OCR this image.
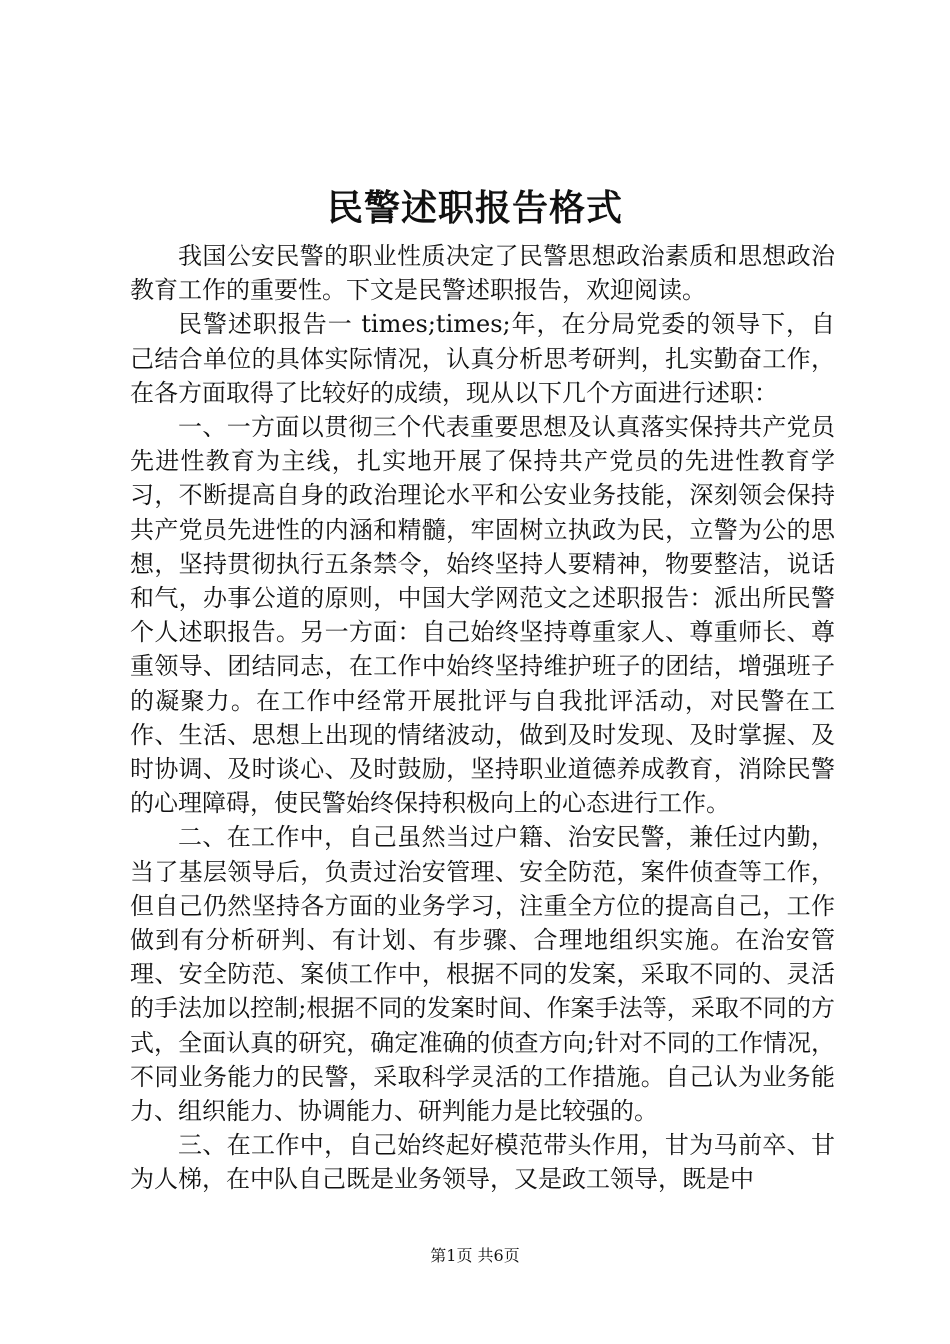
民警述职报告格式

我国公安民警的职业性质决定了民警思想政治素质和思想政治教育工作的重要性。下文是民警述职报告，欢迎阅读。

民警述职报告一 times;times;年，在分局党委的领导下，自己结合单位的具体实际情况，认真分析思考研判，扎实勤奋工作，在各方面取得了比较好的成绩，现从以下几个方面进行述职：

一、一方面以贯彻三个代表重要思想及认真落实保持共产党员先进性教育为主线，扎实地开展了保持共产党员的先进性教育学习，不断提高自身的政治理论水平和公安业务技能，深刻领会保持共产党员先进性的内涵和精髓，牢固树立执政为民，立警为公的思想，坚持贯彻执行五条禁令，始终坚持人要精神，物要整洁，说话和气，办事公道的原则，中国大学网范文之述职报告：派出所民警个人述职报告。另一方面：自己始终坚持尊重家人、尊重师长、尊重领导、团结同志，在工作中始终坚持维护班子的团结，增强班子的凝聚力。在工作中经常开展批评与自我批评活动，对民警在工作、生活、思想上出现的情绪波动，做到及时发现、及时掌握、及时协调、及时谈心、及时鼓励，坚持职业道德养成教育，消除民警的心理障碍，使民警始终保持积极向上的心态进行工作。

二、在工作中，自己虽然当过户籍、治安民警，兼任过内勤，当了基层领导后，负责过治安管理、安全防范，案件侦查等工作，但自己仍然坚持各方面的业务学习，注重全方位的提高自己，工作做到有分析研判、有计划、有步骤、合理地组织实施。在治安管理、安全防范、案侦工作中，根据不同的发案，采取不同的、灵活的手法加以控制;根据不同的发案时间、作案手法等，采取不同的方式，全面认真的研究，确定准确的侦查方向;针对不同的工作情况，不同业务能力的民警，采取科学灵活的工作措施。自己认为业务能力、组织能力、协调能力、研判能力是比较强的。

三、在工作中，自己始终起好模范带头作用，甘为马前卒、甘为人梯，在中队自己既是业务领导，又是政工领导，既是中

第1页 共6页
